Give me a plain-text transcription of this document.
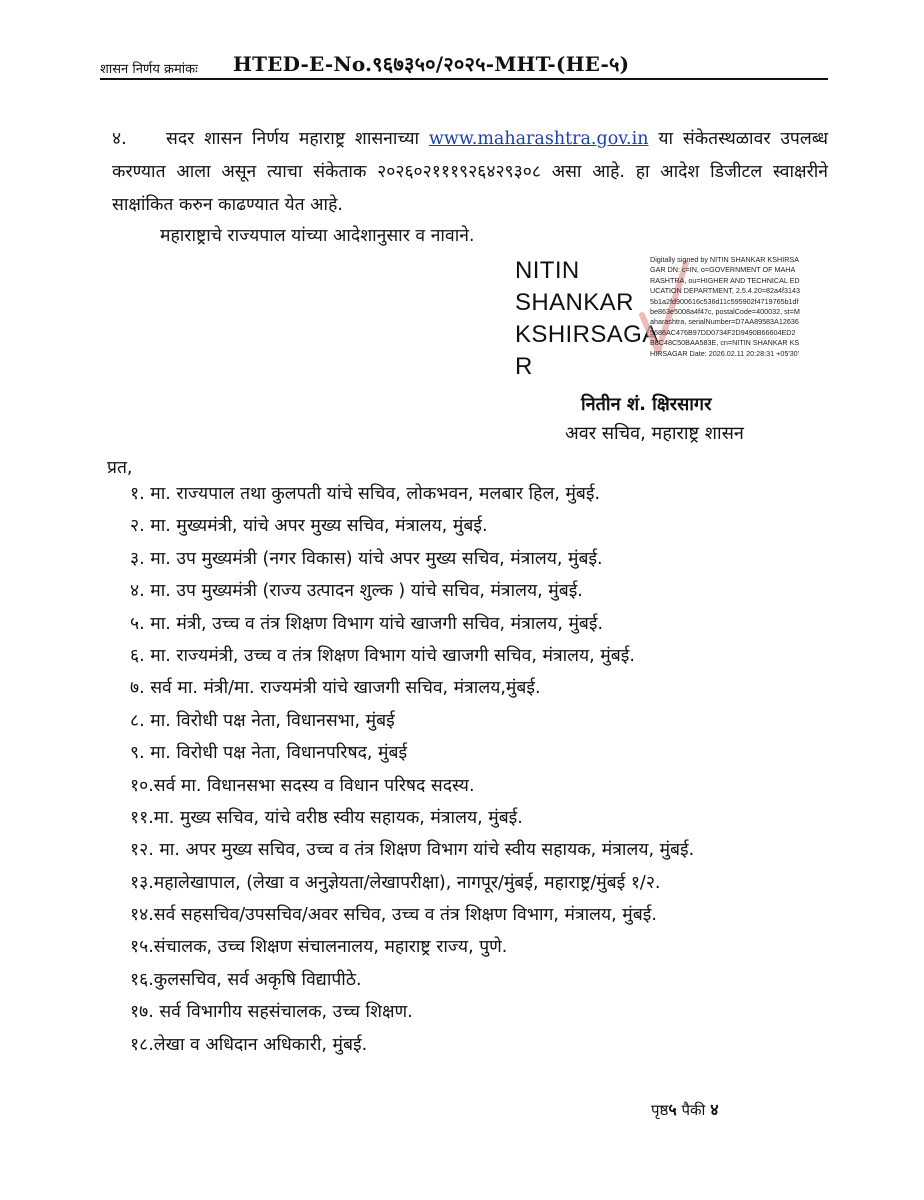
शासन निर्णय क्रमांकः HTED-E-No.९६७३५०/२०२५-MHT-(HE-५)
४. सदर शासन निर्णय महाराष्ट्र शासनाच्या www.maharashtra.gov.in या संकेतस्थळावर उपलब्ध करण्यात आला असून त्याचा संकेताक २०२६०२१११९२६४२९३०८ असा आहे. हा आदेश डिजीटल स्वाक्षरीने साक्षांकित करुन काढण्यात येत आहे.
महाराष्ट्राचे राज्यपाल यांच्या आदेशानुसार व नावाने.
NITIN
SHANKAR
KSHIRSAGA
R
Digitally signed by NITIN SHANKAR KSHIRSAGAR DN: c=IN, o=GOVERNMENT OF MAHARASHTRA, ou=HIGHER AND TECHNICAL EDUCATION DEPARTMENT, 2.5.4.20=82a4f31435b1a2fd900616c536d11c595902f4719765b1dfbe863e5008a4f47c, postalCode=400032, st=Maharashtra, serialNumber=D7AA89583A126365686AC476B97DD0734F2D9490B66604ED2B8C48C50BAA583E, cn=NITIN SHANKAR KSHIRSAGAR Date: 2026.02.11 20:28:31 +05'30'
नितीन शं. क्षिरसागर
अवर सचिव, महाराष्ट्र शासन
प्रत,
१. मा. राज्यपाल तथा कुलपती यांचे सचिव, लोकभवन, मलबार हिल, मुंबई.
२. मा. मुख्यमंत्री, यांचे अपर मुख्य सचिव, मंत्रालय, मुंबई.
३. मा. उप मुख्यमंत्री (नगर विकास) यांचे अपर मुख्य सचिव, मंत्रालय, मुंबई.
४. मा. उप मुख्यमंत्री (राज्य उत्पादन शुल्क ) यांचे सचिव, मंत्रालय, मुंबई.
५. मा. मंत्री, उच्च व तंत्र शिक्षण विभाग यांचे खाजगी सचिव, मंत्रालय, मुंबई.
६. मा. राज्यमंत्री, उच्च व तंत्र शिक्षण विभाग यांचे खाजगी सचिव, मंत्रालय, मुंबई.
७. सर्व मा. मंत्री/मा. राज्यमंत्री यांचे खाजगी सचिव, मंत्रालय,मुंबई.
८. मा. विरोधी पक्ष नेता, विधानसभा, मुंबई
९. मा. विरोधी पक्ष नेता, विधानपरिषद, मुंबई
१०.सर्व मा. विधानसभा सदस्य व विधान परिषद सदस्य.
११.मा. मुख्य सचिव, यांचे वरीष्ठ स्वीय सहायक, मंत्रालय, मुंबई.
१२. मा. अपर मुख्य सचिव, उच्च व तंत्र शिक्षण विभाग यांचे स्वीय सहायक, मंत्रालय, मुंबई.
१३.महालेखापाल, (लेखा व अनुज्ञेयता/लेखापरीक्षा), नागपूर/मुंबई, महाराष्ट्र/मुंबई १/२.
१४.सर्व सहसचिव/उपसचिव/अवर सचिव, उच्च व तंत्र शिक्षण विभाग, मंत्रालय, मुंबई.
१५.संचालक, उच्च शिक्षण संचालनालय, महाराष्ट्र राज्य, पुणे.
१६.कुलसचिव, सर्व अकृषि विद्यापीठे.
१७. सर्व विभागीय सहसंचालक, उच्च शिक्षण.
१८.लेखा व अधिदान अधिकारी, मुंबई.
पृष्ठ५ पैकी ४
